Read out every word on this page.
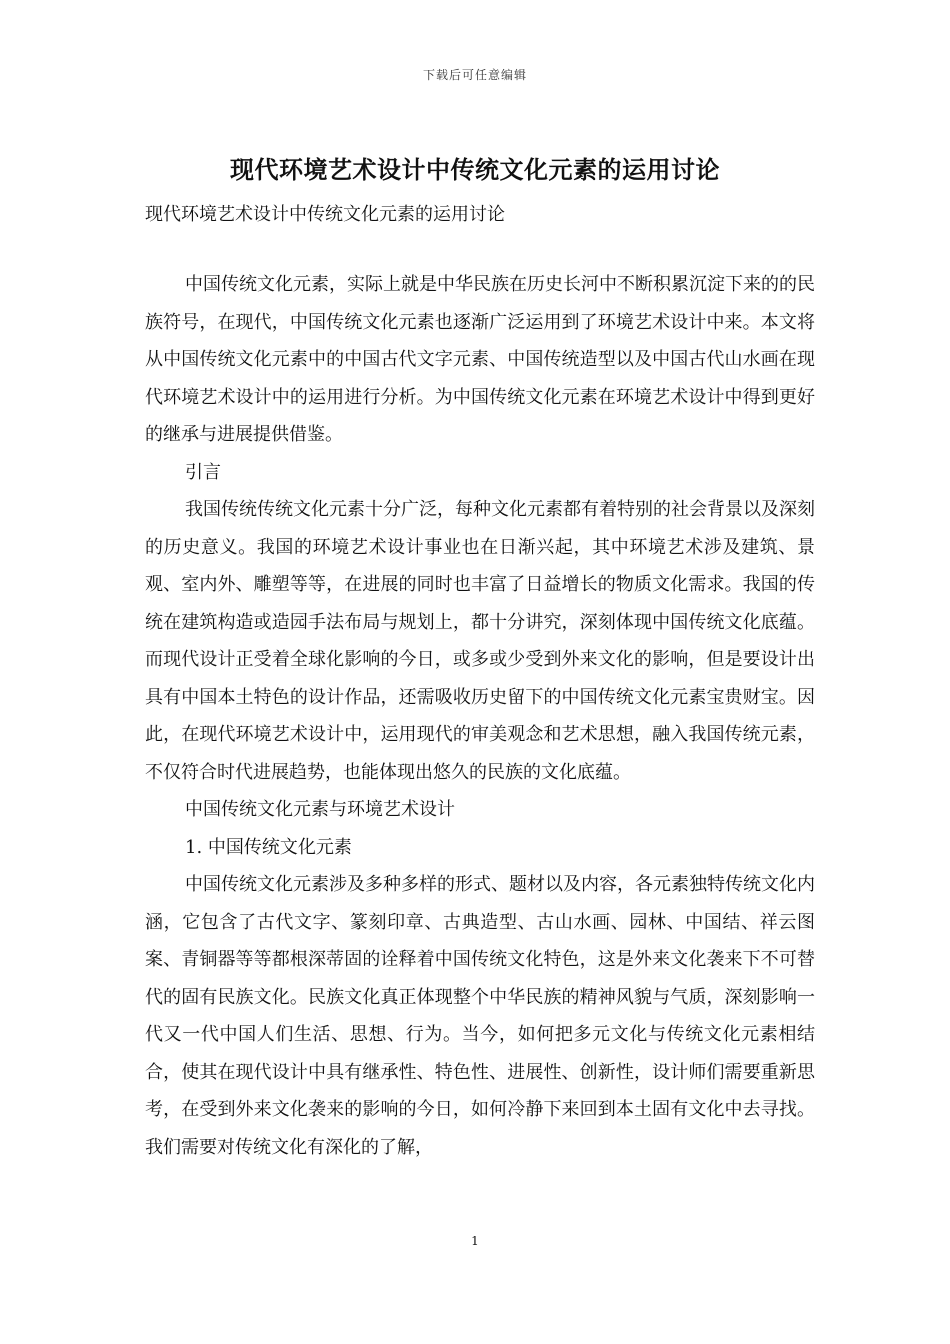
下载后可任意编辑
现代环境艺术设计中传统文化元素的运用讨论
现代环境艺术设计中传统文化元素的运用讨论

中国传统文化元素，实际上就是中华民族在历史长河中不断积累沉淀下来的的民族符号，在现代，中国传统文化元素也逐渐广泛运用到了环境艺术设计中来。本文将从中国传统文化元素中的中国古代文字元素、中国传统造型以及中国古代山水画在现代环境艺术设计中的运用进行分析。为中国传统文化元素在环境艺术设计中得到更好的继承与进展提供借鉴。

引言

我国传统传统文化元素十分广泛，每种文化元素都有着特别的社会背景以及深刻的历史意义。我国的环境艺术设计事业也在日渐兴起，其中环境艺术涉及建筑、景观、室内外、雕塑等等，在进展的同时也丰富了日益增长的物质文化需求。我国的传统在建筑构造或造园手法布局与规划上，都十分讲究，深刻体现中国传统文化底蕴。而现代设计正受着全球化影响的今日，或多或少受到外来文化的影响，但是要设计出具有中国本土特色的设计作品，还需吸收历史留下的中国传统文化元素宝贵财宝。因此，在现代环境艺术设计中，运用现代的审美观念和艺术思想，融入我国传统元素，不仅符合时代进展趋势，也能体现出悠久的民族的文化底蕴。

中国传统文化元素与环境艺术设计

1. 中国传统文化元素

中国传统文化元素涉及多种多样的形式、题材以及内容，各元素独特传统文化内涵，它包含了古代文字、篆刻印章、古典造型、古山水画、园林、中国结、祥云图案、青铜器等等都根深蒂固的诠释着中国传统文化特色，这是外来文化袭来下不可替代的固有民族文化。民族文化真正体现整个中华民族的精神风貌与气质，深刻影响一代又一代中国人们生活、思想、行为。当今，如何把多元文化与传统文化元素相结合，使其在现代设计中具有继承性、特色性、进展性、创新性，设计师们需要重新思考，在受到外来文化袭来的影响的今日，如何冷静下来回到本土固有文化中去寻找。我们需要对传统文化有深化的了解，

1
